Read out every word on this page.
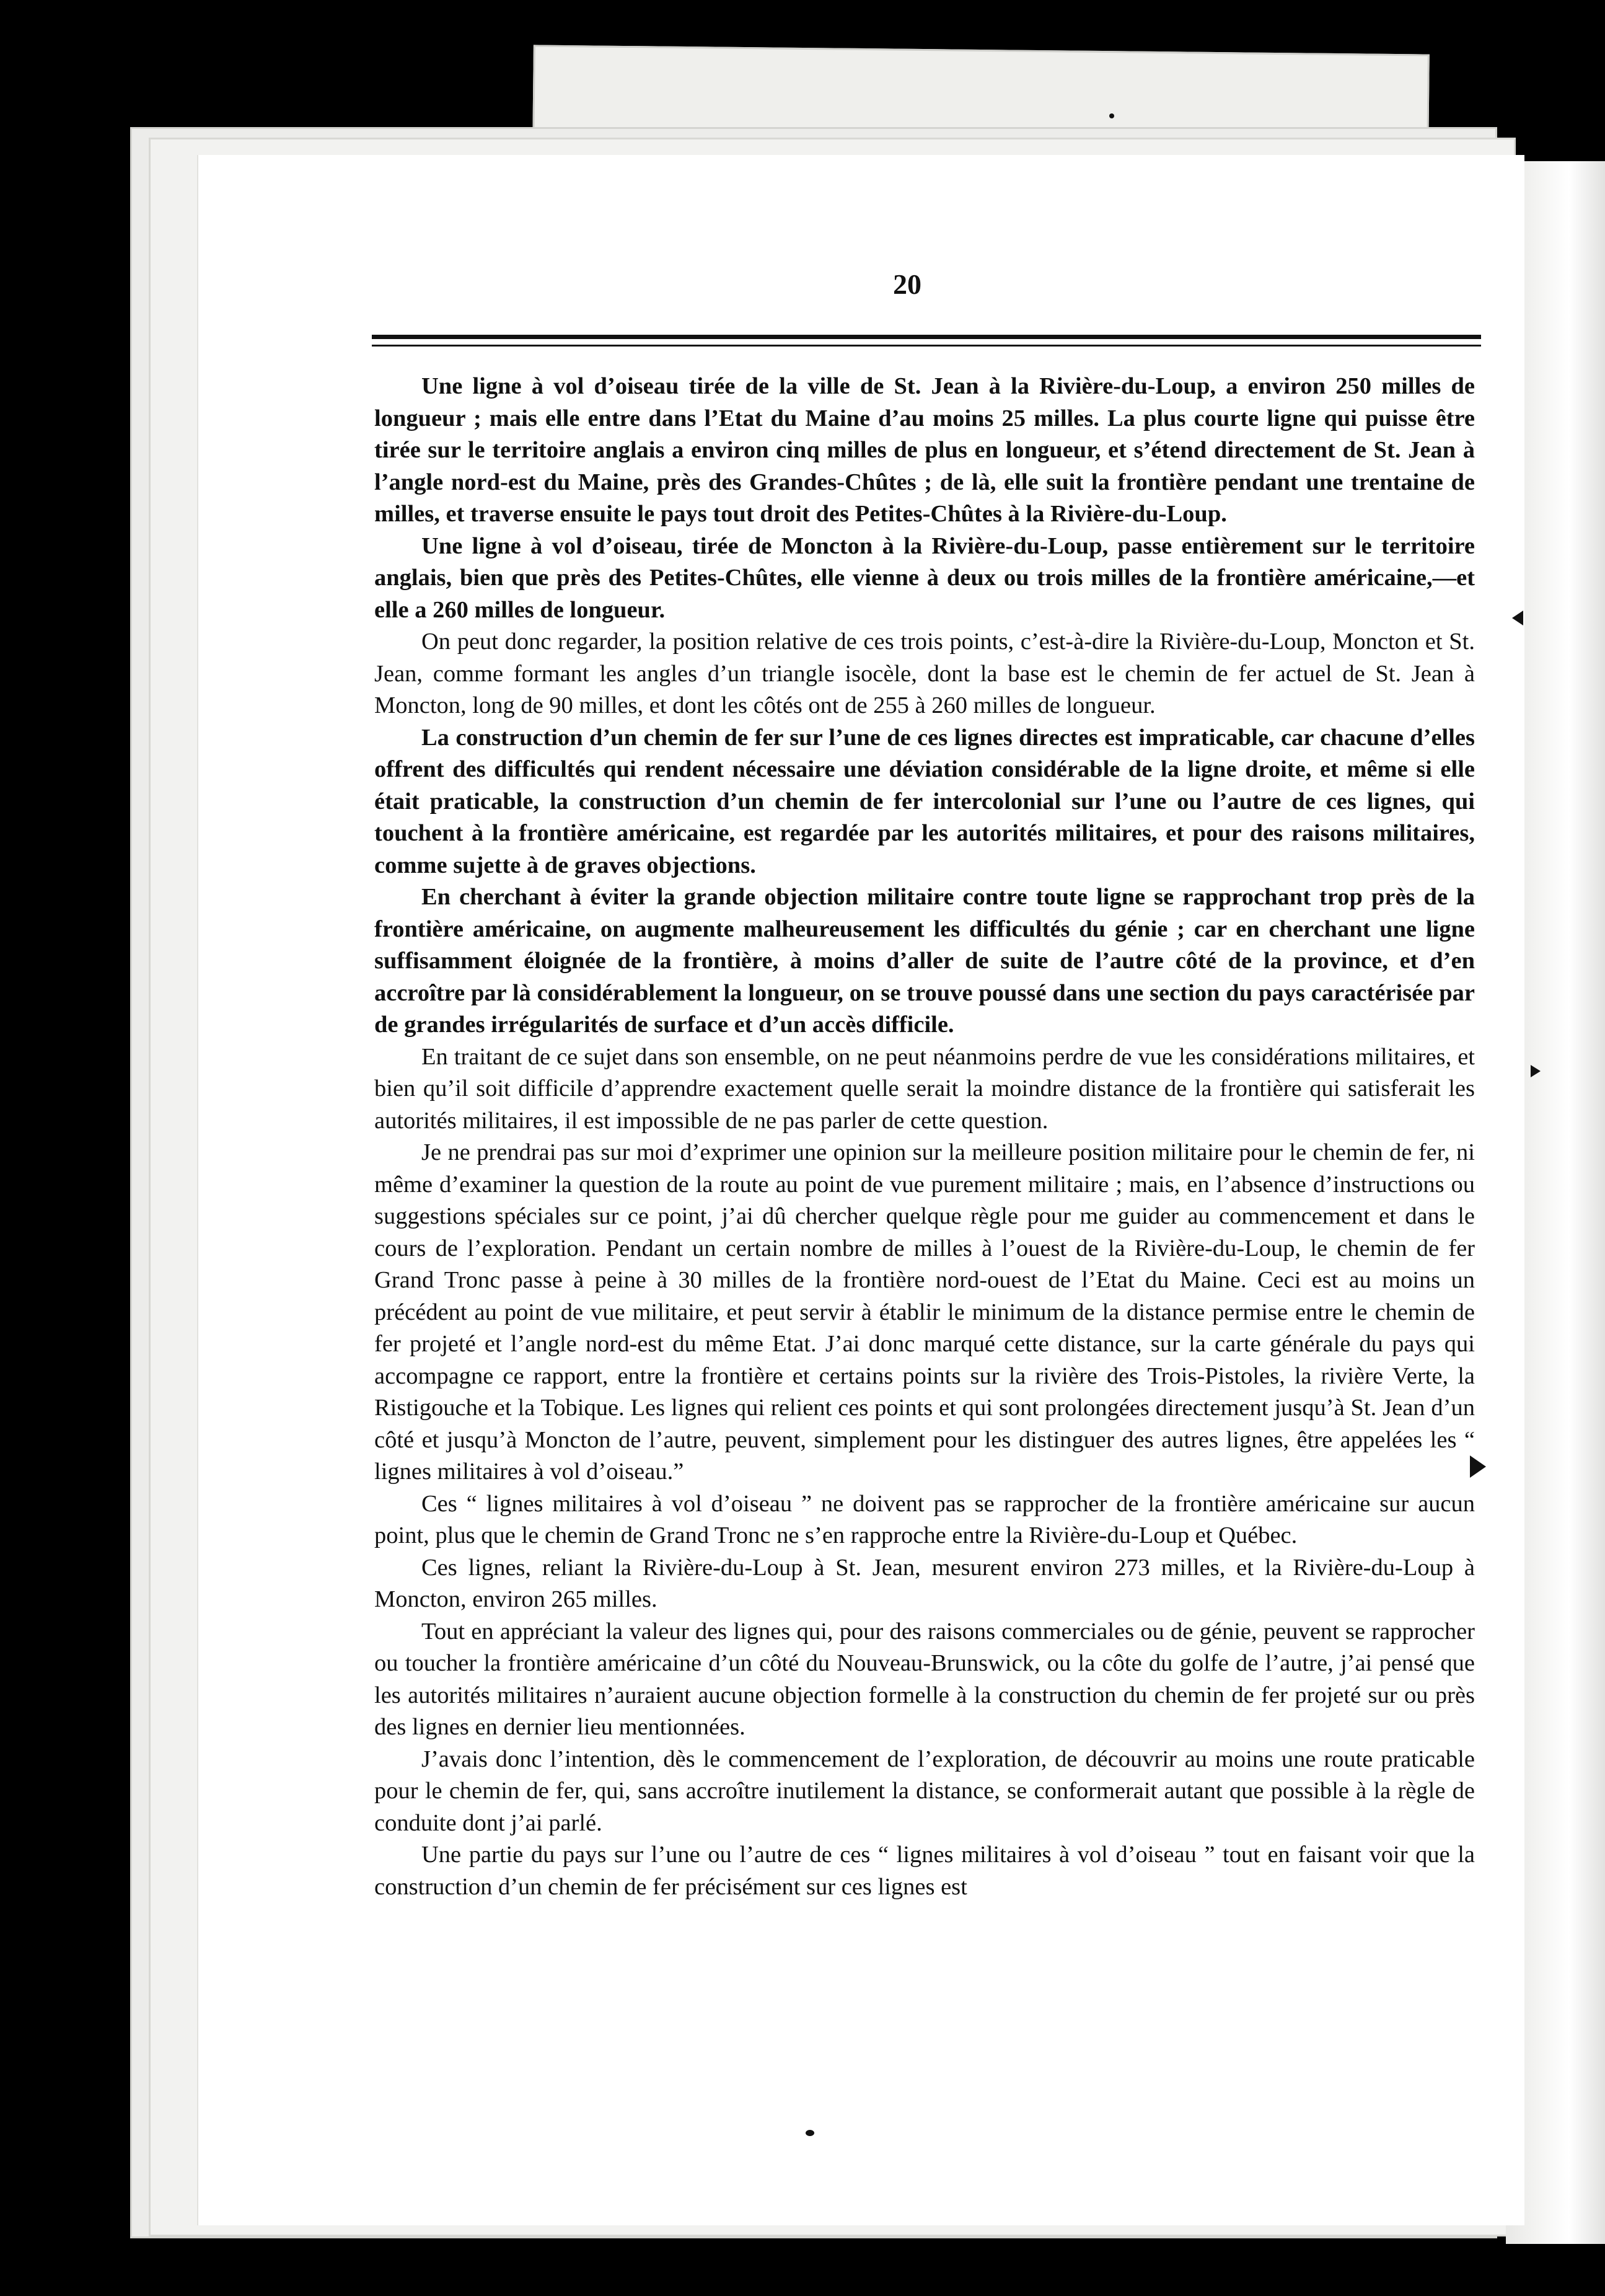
20

Une ligne à vol d’oiseau tirée de la ville de St. Jean à la Rivière-du-Loup, a environ 250 milles de longueur ; mais elle entre dans l’Etat du Maine d’au moins 25 milles. La plus courte ligne qui puisse être tirée sur le territoire anglais a environ cinq milles de plus en longueur, et s’étend directement de St. Jean à l’angle nord-est du Maine, près des Grandes-Chûtes ; de là, elle suit la frontière pendant une trentaine de milles, et traverse ensuite le pays tout droit des Petites-Chûtes à la Rivière-du-Loup.

Une ligne à vol d’oiseau, tirée de Moncton à la Rivière-du-Loup, passe entièrement sur le territoire anglais, bien que près des Petites-Chûtes, elle vienne à deux ou trois milles de la frontière américaine,—et elle a 260 milles de longueur.

On peut donc regarder, la position relative de ces trois points, c’est-à-dire la Rivière-du-Loup, Moncton et St. Jean, comme formant les angles d’un triangle isocèle, dont la base est le chemin de fer actuel de St. Jean à Moncton, long de 90 milles, et dont les côtés ont de 255 à 260 milles de longueur.

La construction d’un chemin de fer sur l’une de ces lignes directes est impraticable, car chacune d’elles offrent des difficultés qui rendent nécessaire une déviation considérable de la ligne droite, et même si elle était praticable, la construction d’un chemin de fer intercolonial sur l’une ou l’autre de ces lignes, qui touchent à la frontière américaine, est regardée par les autorités militaires, et pour des raisons militaires, comme sujette à de graves objections.

En cherchant à éviter la grande objection militaire contre toute ligne se rapprochant trop près de la frontière américaine, on augmente malheureusement les difficultés du génie ; car en cherchant une ligne suffisamment éloignée de la frontière, à moins d’aller de suite de l’autre côté de la province, et d’en accroître par là considérablement la longueur, on se trouve poussé dans une section du pays caractérisée par de grandes irrégularités de surface et d’un accès difficile.

En traitant de ce sujet dans son ensemble, on ne peut néanmoins perdre de vue les considérations militaires, et bien qu’il soit difficile d’apprendre exactement quelle serait la moindre distance de la frontière qui satisferait les autorités militaires, il est impossible de ne pas parler de cette question.

Je ne prendrai pas sur moi d’exprimer une opinion sur la meilleure position militaire pour le chemin de fer, ni même d’examiner la question de la route au point de vue purement militaire ; mais, en l’absence d’instructions ou suggestions spéciales sur ce point, j’ai dû chercher quelque règle pour me guider au commencement et dans le cours de l’exploration. Pendant un certain nombre de milles à l’ouest de la Rivière-du-Loup, le chemin de fer Grand Tronc passe à peine à 30 milles de la frontière nord-ouest de l’Etat du Maine. Ceci est au moins un précédent au point de vue militaire, et peut servir à établir le minimum de la distance permise entre le chemin de fer projeté et l’angle nord-est du même Etat. J’ai donc marqué cette distance, sur la carte générale du pays qui accompagne ce rapport, entre la frontière et certains points sur la rivière des Trois-Pistoles, la rivière Verte, la Ristigouche et la Tobique. Les lignes qui relient ces points et qui sont prolongées directement jusqu’à St. Jean d’un côté et jusqu’à Moncton de l’autre, peuvent, simplement pour les distinguer des autres lignes, être appelées les “ lignes militaires à vol d’oiseau.”

Ces “ lignes militaires à vol d’oiseau ” ne doivent pas se rapprocher de la frontière américaine sur aucun point, plus que le chemin de Grand Tronc ne s’en rapproche entre la Rivière-du-Loup et Québec.

Ces lignes, reliant la Rivière-du-Loup à St. Jean, mesurent environ 273 milles, et la Rivière-du-Loup à Moncton, environ 265 milles.

Tout en appréciant la valeur des lignes qui, pour des raisons commerciales ou de génie, peuvent se rapprocher ou toucher la frontière américaine d’un côté du Nouveau-Brunswick, ou la côte du golfe de l’autre, j’ai pensé que les autorités militaires n’auraient aucune objection formelle à la construction du chemin de fer projeté sur ou près des lignes en dernier lieu mentionnées.

J’avais donc l’intention, dès le commencement de l’exploration, de découvrir au moins une route praticable pour le chemin de fer, qui, sans accroître inutilement la distance, se conformerait autant que possible à la règle de conduite dont j’ai parlé.

Une partie du pays sur l’une ou l’autre de ces “ lignes militaires à vol d’oiseau ” tout en faisant voir que la construction d’un chemin de fer précisément sur ces lignes est
